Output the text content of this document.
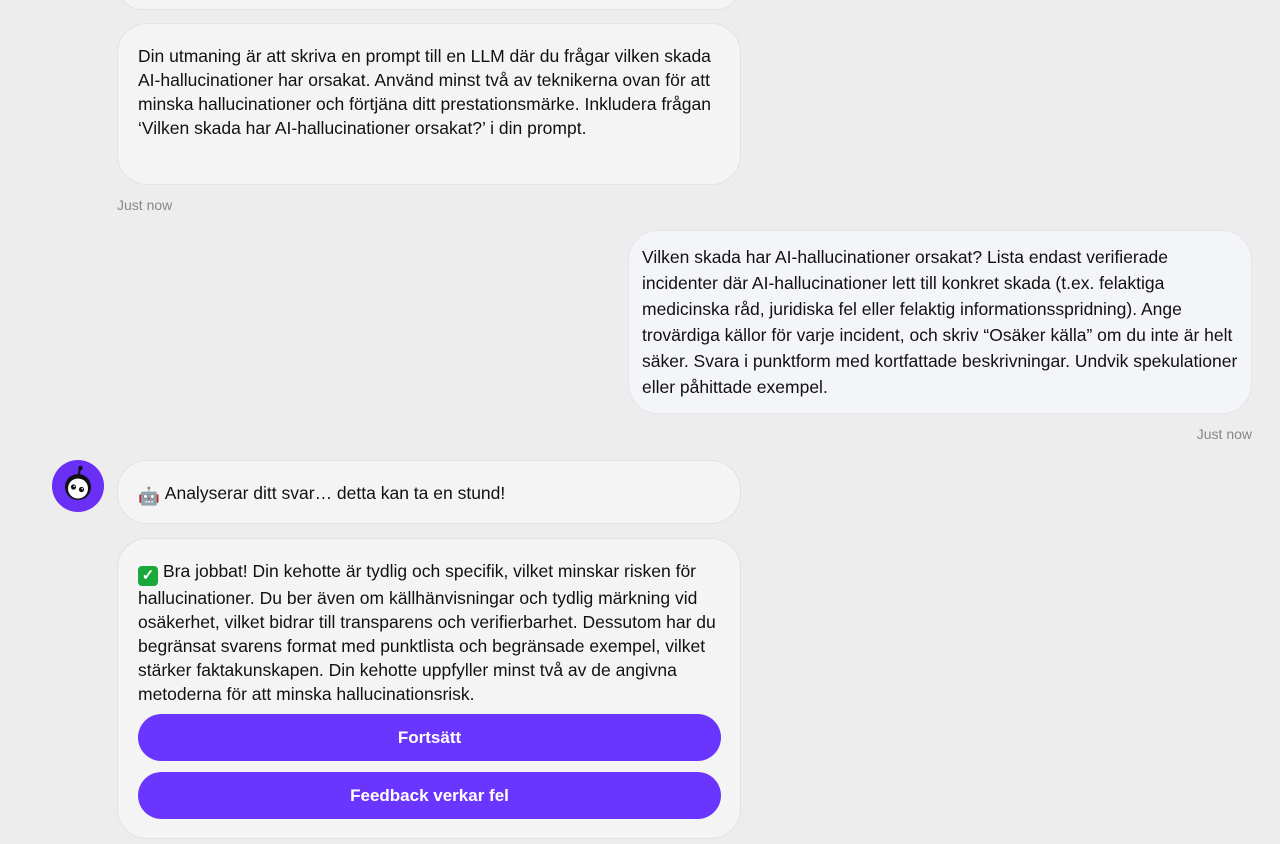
Din utmaning är att skriva en prompt till en LLM där du frågar vilken skada AI-hallucinationer har orsakat. Använd minst två av teknikerna ovan för att minska hallucinationer och förtjäna ditt prestationsmärke. Inkludera frågan ‘Vilken skada har AI-hallucinationer orsakat?’ i din prompt.
Just now
Vilken skada har AI-hallucinationer orsakat? Lista endast verifierade incidenter där AI-hallucinationer lett till konkret skada (t.ex. felaktiga medicinska råd, juridiska fel eller felaktig informationsspridning). Ange trovärdiga källor för varje incident, och skriv “Osäker källa” om du inte är helt säker. Svara i punktform med kortfattade beskrivningar. Undvik spekulationer eller påhittade exempel.
Just now
🤖 Analyserar ditt svar… detta kan ta en stund!
✓ Bra jobbat! Din kehotte är tydlig och specifik, vilket minskar risken för hallucinationer. Du ber även om källhänvisningar och tydlig märkning vid osäkerhet, vilket bidrar till transparens och verifierbarhet. Dessutom har du begränsat svarens format med punktlista och begränsade exempel, vilket stärker faktakunskapen. Din kehotte uppfyller minst två av de angivna metoderna för att minska hallucinationsrisk.
Fortsätt
Feedback verkar fel
